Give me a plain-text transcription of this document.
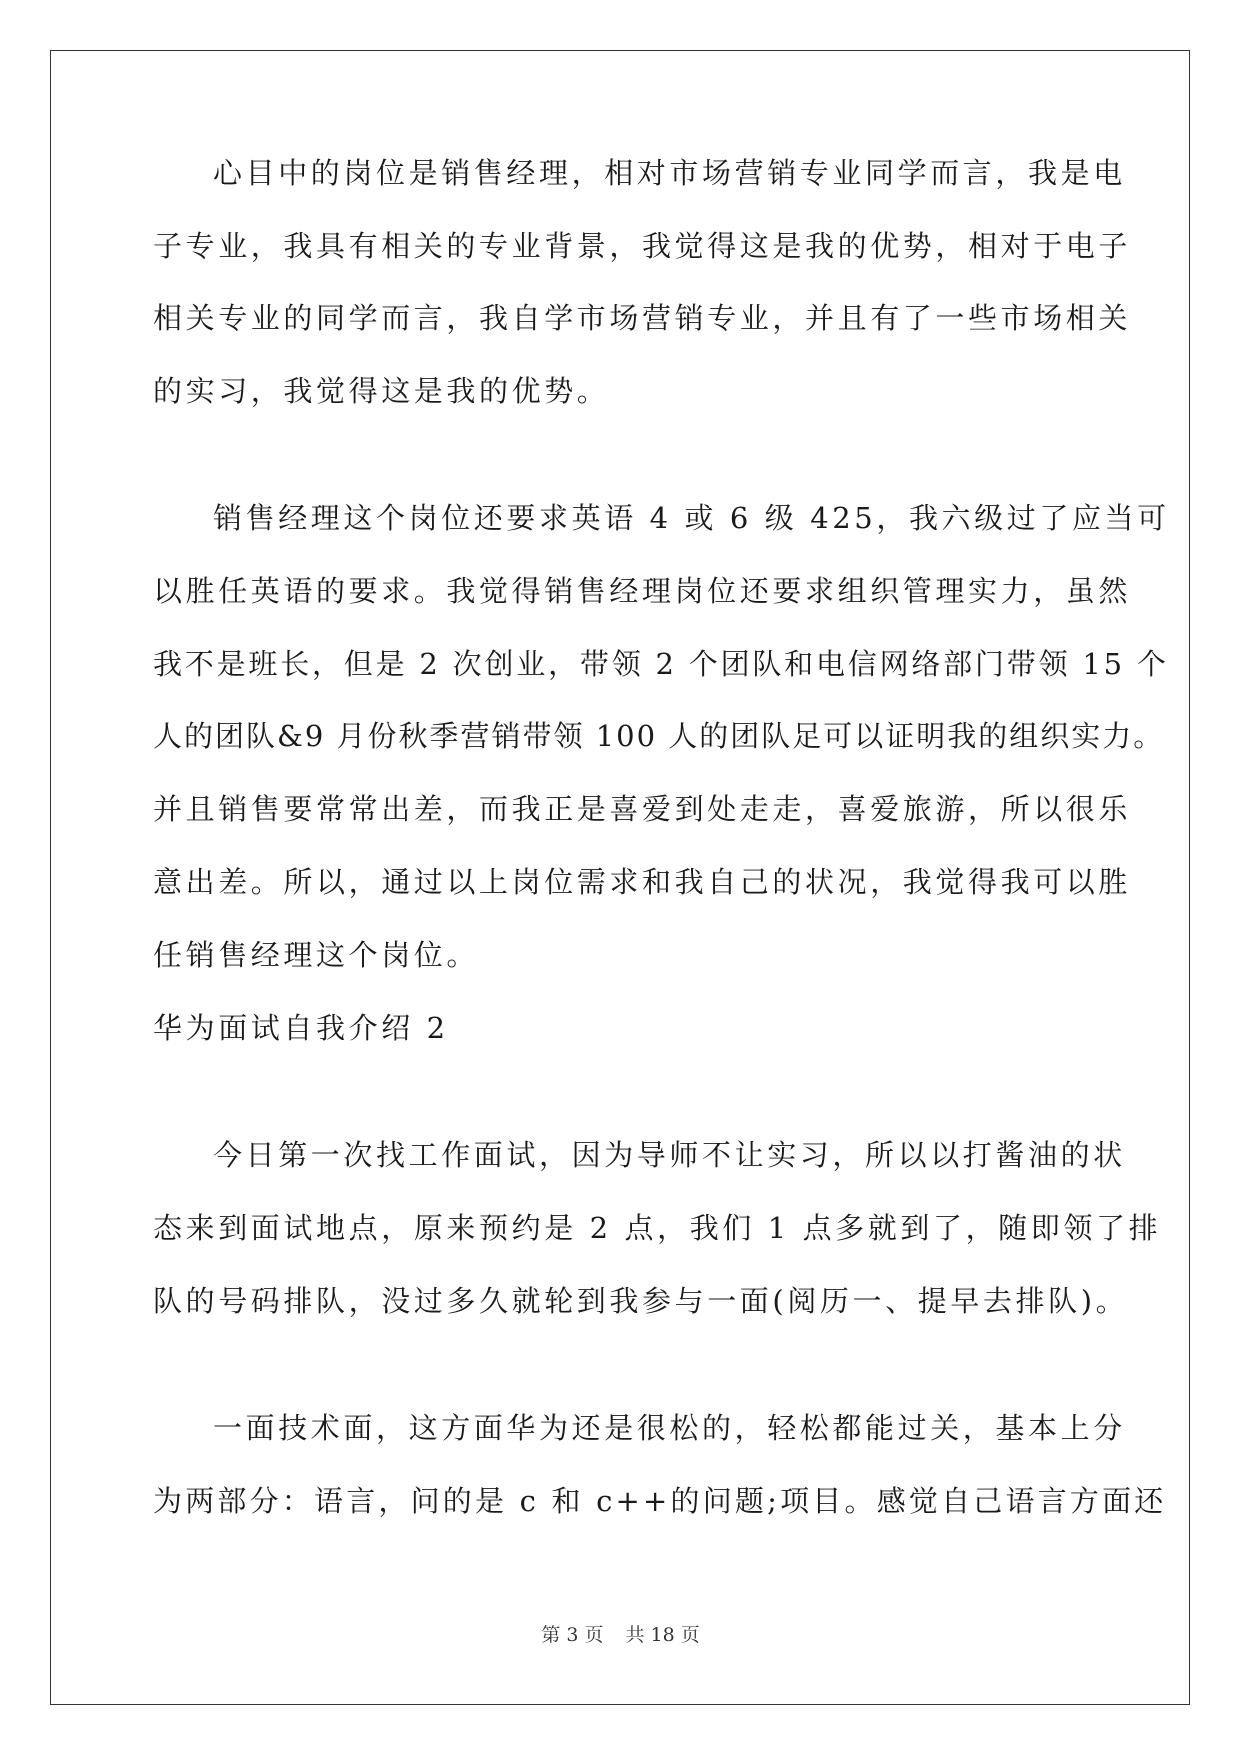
心目中的岗位是销售经理，相对市场营销专业同学而言，我是电
子专业，我具有相关的专业背景，我觉得这是我的优势，相对于电子
相关专业的同学而言，我自学市场营销专业，并且有了一些市场相关
的实习，我觉得这是我的优势。
销售经理这个岗位还要求英语 4 或 6 级 425，我六级过了应当可
以胜任英语的要求。我觉得销售经理岗位还要求组织管理实力，虽然
我不是班长，但是 2 次创业，带领 2 个团队和电信网络部门带领 15 个
人的团队&9 月份秋季营销带领 100 人的团队足可以证明我的组织实力。
并且销售要常常出差，而我正是喜爱到处走走，喜爱旅游，所以很乐
意出差。所以，通过以上岗位需求和我自己的状况，我觉得我可以胜
任销售经理这个岗位。
华为面试自我介绍 2
今日第一次找工作面试，因为导师不让实习，所以以打酱油的状
态来到面试地点，原来预约是 2 点，我们 1 点多就到了，随即领了排
队的号码排队，没过多久就轮到我参与一面(阅历一、提早去排队)。
一面技术面，这方面华为还是很松的，轻松都能过关，基本上分
为两部分：语言，问的是 c 和 c++的问题;项目。感觉自己语言方面还
第 3 页 共 18 页
